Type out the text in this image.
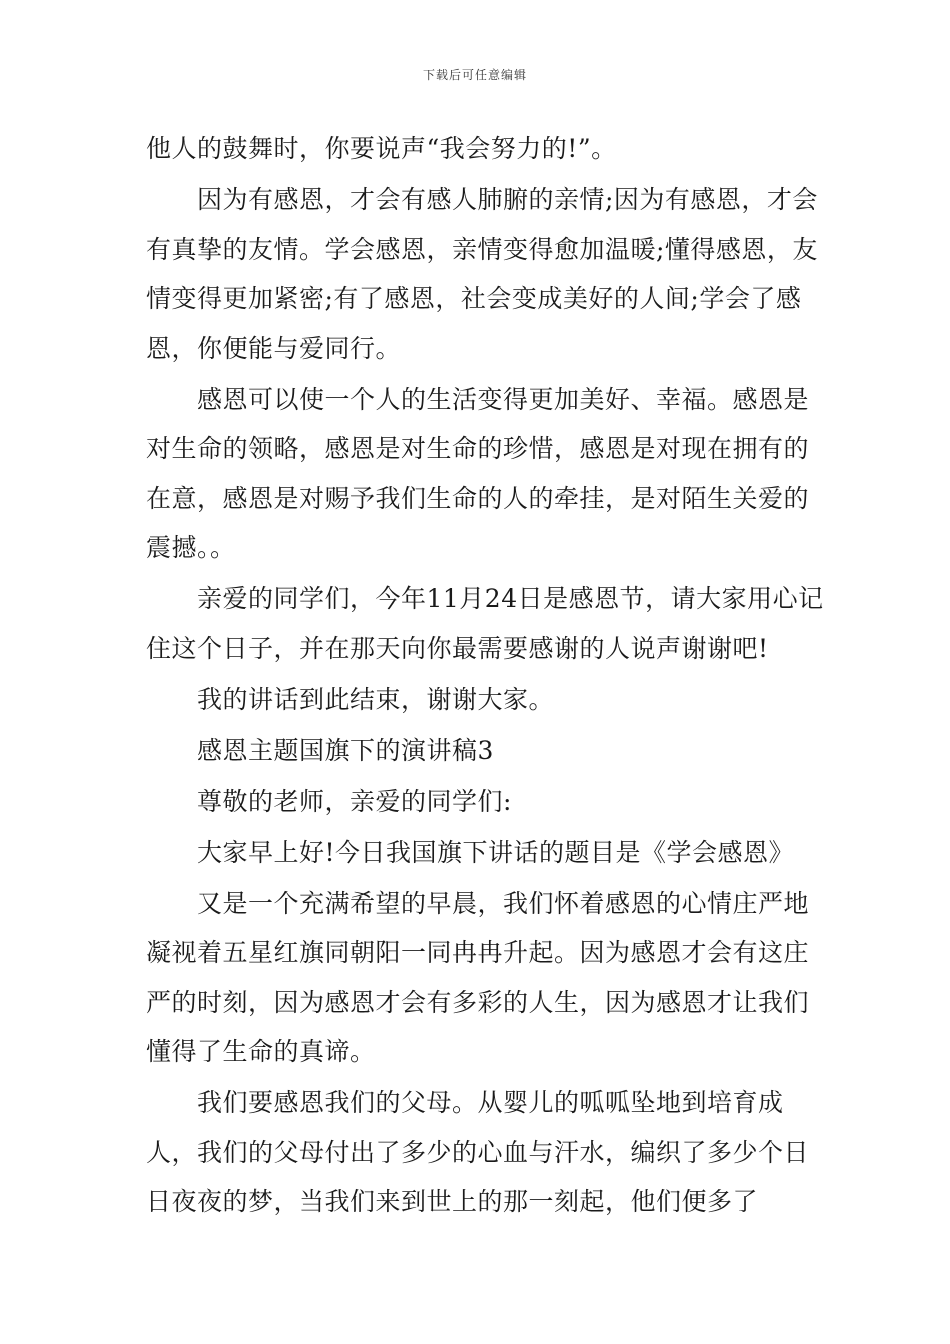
下载后可任意编辑

他人的鼓舞时，你要说声“我会努力的!”。

因为有感恩，才会有感人肺腑的亲情;因为有感恩，才会有真挚的友情。学会感恩，亲情变得愈加温暖;懂得感恩，友情变得更加紧密;有了感恩，社会变成美好的人间;学会了感恩，你便能与爱同行。

感恩可以使一个人的生活变得更加美好、幸福。感恩是对生命的领略，感恩是对生命的珍惜，感恩是对现在拥有的在意，感恩是对赐予我们生命的人的牵挂，是对陌生关爱的震撼。。

亲爱的同学们，今年11月24日是感恩节，请大家用心记住这个日子，并在那天向你最需要感谢的人说声谢谢吧!

我的讲话到此结束，谢谢大家。

感恩主题国旗下的演讲稿3

尊敬的老师，亲爱的同学们:

大家早上好!今日我国旗下讲话的题目是《学会感恩》

又是一个充满希望的早晨，我们怀着感恩的心情庄严地凝视着五星红旗同朝阳一同冉冉升起。因为感恩才会有这庄严的时刻，因为感恩才会有多彩的人生，因为感恩才让我们懂得了生命的真谛。

我们要感恩我们的父母。从婴儿的呱呱坠地到培育成人，我们的父母付出了多少的心血与汗水，编织了多少个日日夜夜的梦，当我们来到世上的那一刻起，他们便多了
